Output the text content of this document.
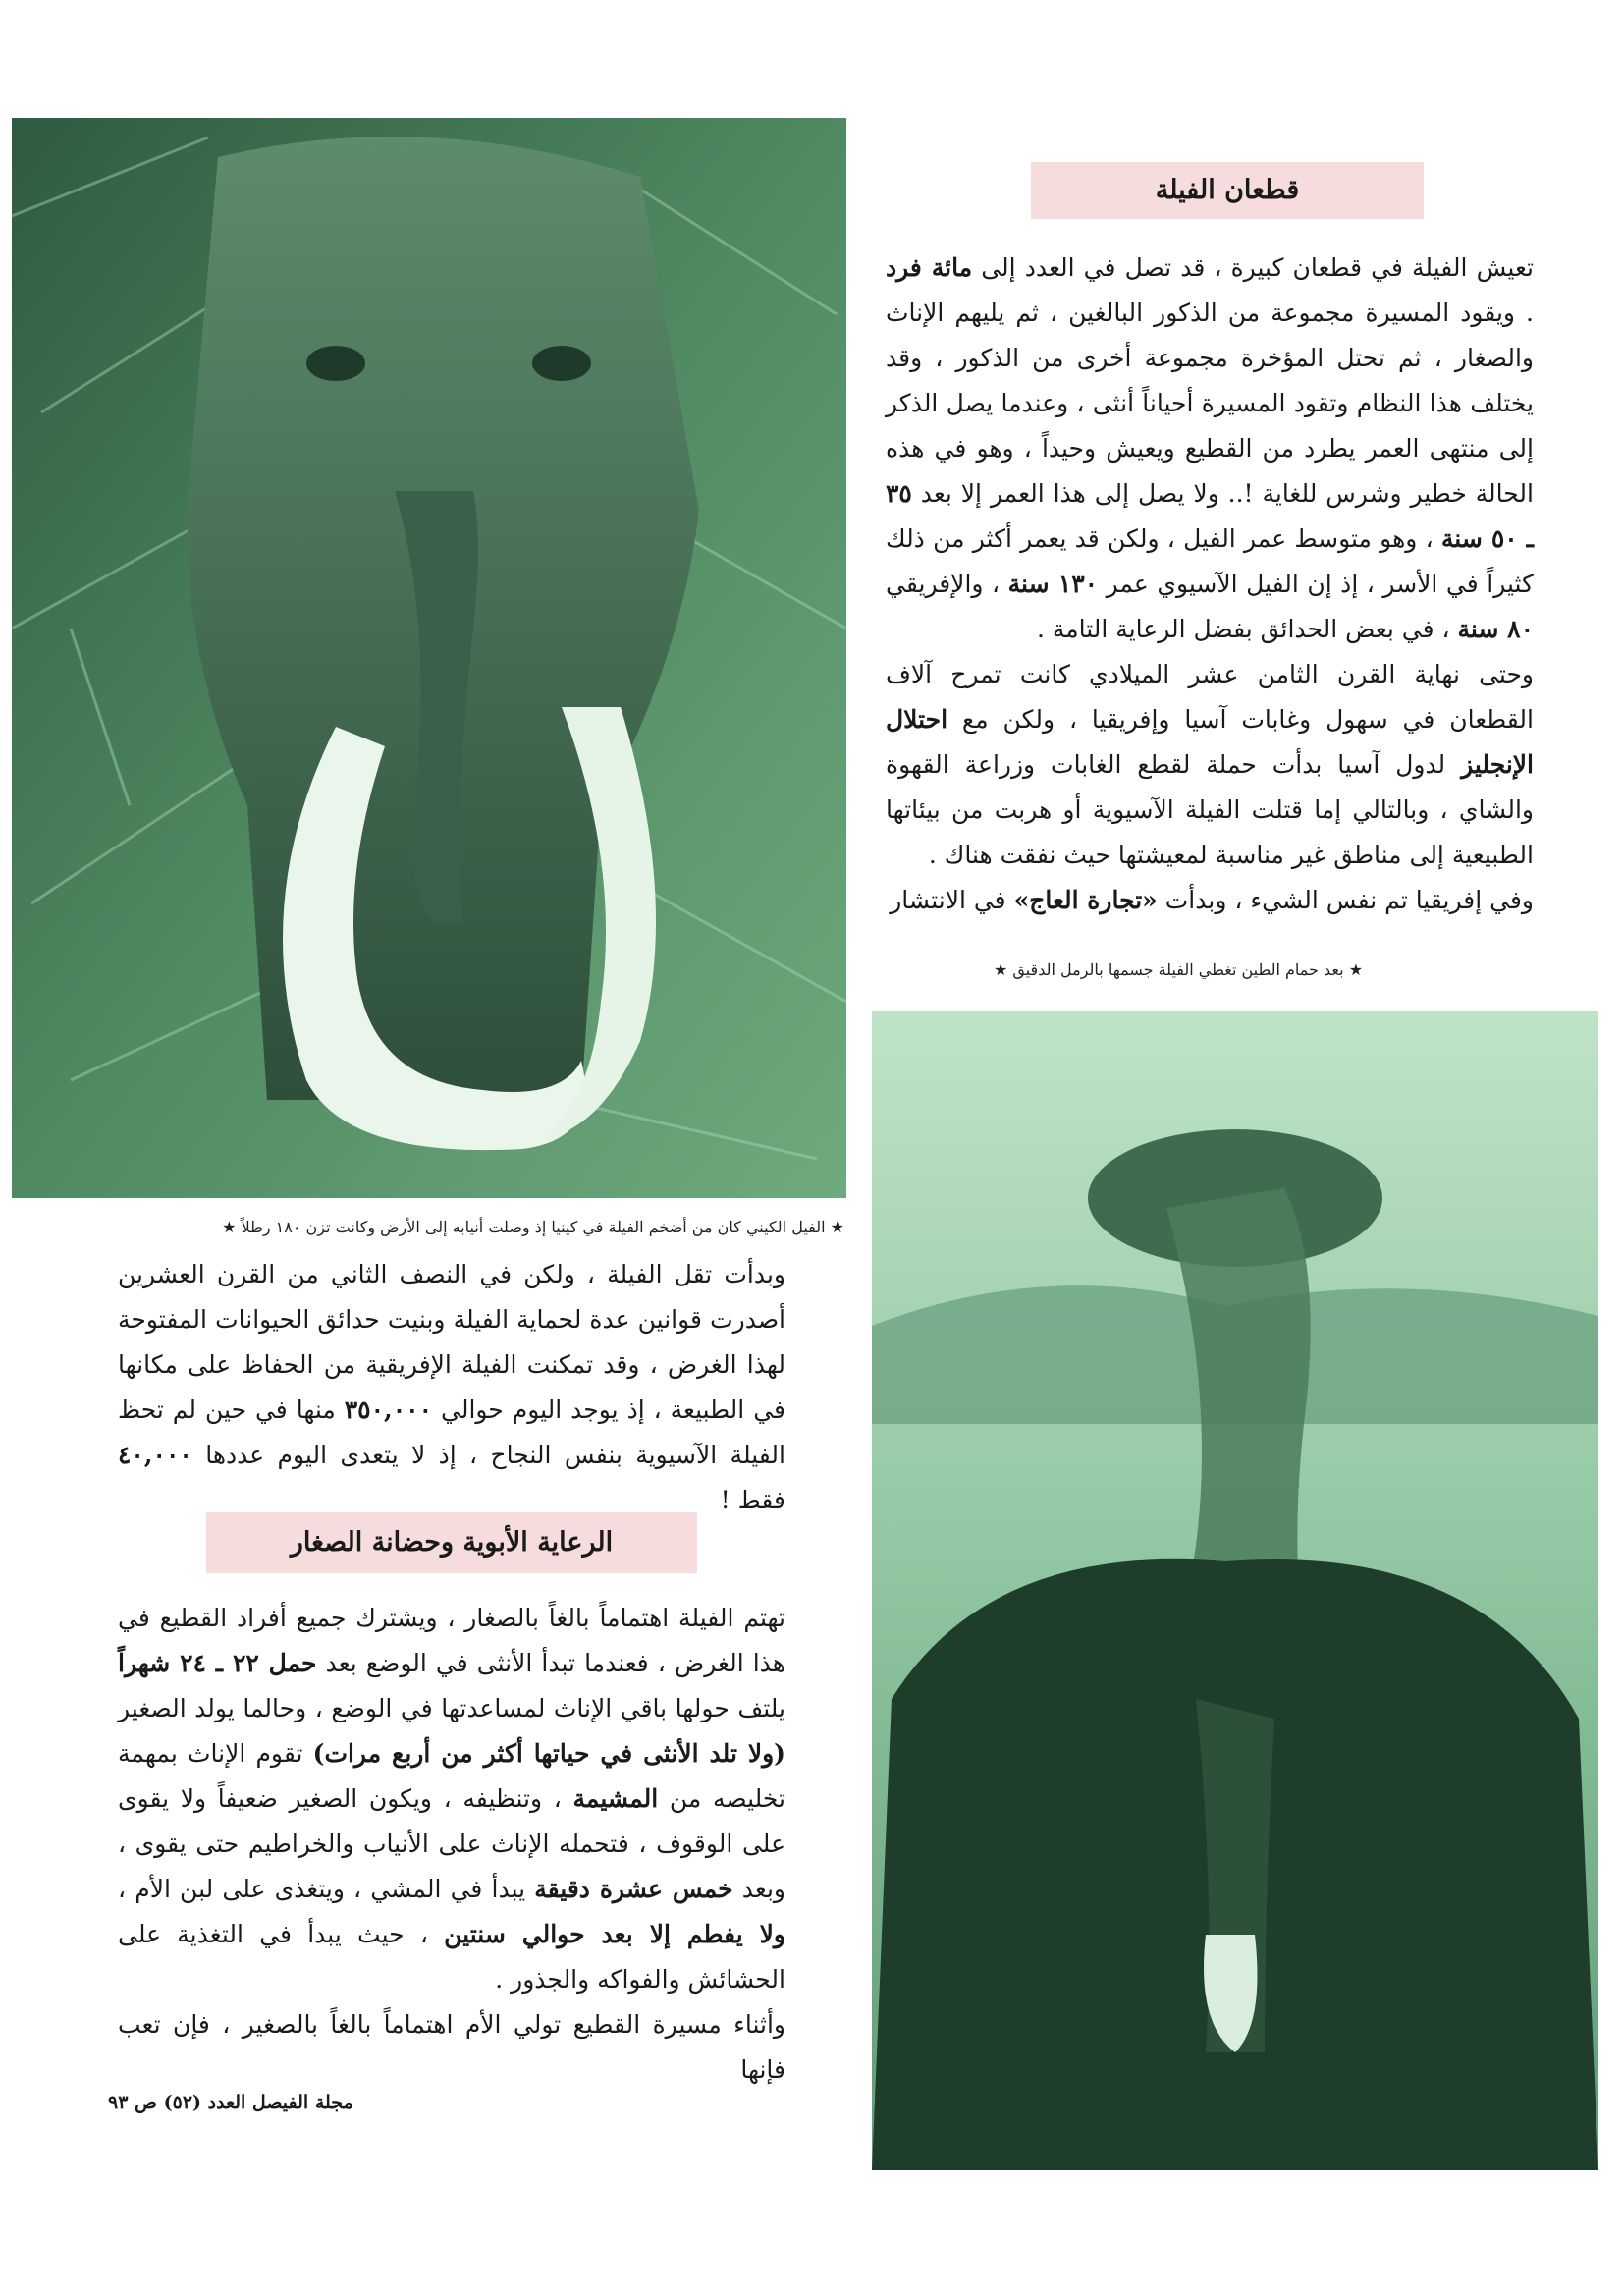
قطعان الفيلة

تعيش الفيلة في قطعان كبيرة ، قد تصل في العدد إلى مائة فرد . ويقود المسيرة مجموعة من الذكور البالغين ، ثم يليهم الإناث والصغار ، ثم تحتل المؤخرة مجموعة أخرى من الذكور ، وقد يختلف هذا النظام وتقود المسيرة أحياناً أنثى ، وعندما يصل الذكر إلى منتهى العمر يطرد من القطيع ويعيش وحيداً ، وهو في هذه الحالة خطير وشرس للغاية !.. ولا يصل إلى هذا العمر إلا بعد ٣٥ ـ ٥٠ سنة ، وهو متوسط عمر الفيل ، ولكن قد يعمر أكثر من ذلك كثيراً في الأسر ، إذ إن الفيل الآسيوي عمر ١٣٠ سنة ، والإفريقي ٨٠ سنة ، في بعض الحدائق بفضل الرعاية التامة .

وحتى نهاية القرن الثامن عشر الميلادي كانت تمرح آلاف القطعان في سهول وغابات آسيا وإفريقيا ، ولكن مع احتلال الإنجليز لدول آسيا بدأت حملة لقطع الغابات وزراعة القهوة والشاي ، وبالتالي إما قتلت الفيلة الآسيوية أو هربت من بيئاتها الطبيعية إلى مناطق غير مناسبة لمعيشتها حيث نفقت هناك .

وفي إفريقيا تم نفس الشيء ، وبدأت «تجارة العاج» في الانتشار

★ بعد حمام الطين تغطي الفيلة جسمها بالرمل الدقيق ★
★ الفيل الكيني كان من أضخم الفيلة في كينيا إذ وصلت أنيابه إلى الأرض وكانت تزن ١٨٠ رطلاً ★

وبدأت تقل الفيلة ، ولكن في النصف الثاني من القرن العشرين أصدرت قوانين عدة لحماية الفيلة وبنيت حدائق الحيوانات المفتوحة لهذا الغرض ، وقد تمكنت الفيلة الإفريقية من الحفاظ على مكانها في الطبيعة ، إذ يوجد اليوم حوالي ٣٥٠,٠٠٠ منها في حين لم تحظ الفيلة الآسيوية بنفس النجاح ، إذ لا يتعدى اليوم عددها ٤٠,٠٠٠ فقط !

الرعاية الأبوية وحضانة الصغار

تهتم الفيلة اهتماماً بالغاً بالصغار ، ويشترك جميع أفراد القطيع في هذا الغرض ، فعندما تبدأ الأنثى في الوضع بعد حمل ٢٢ ـ ٢٤ شهراً يلتف حولها باقي الإناث لمساعدتها في الوضع ، وحالما يولد الصغير (ولا تلد الأنثى في حياتها أكثر من أربع مرات) تقوم الإناث بمهمة تخليصه من المشيمة ، وتنظيفه ، ويكون الصغير ضعيفاً ولا يقوى على الوقوف ، فتحمله الإناث على الأنياب والخراطيم حتى يقوى ، وبعد خمس عشرة دقيقة يبدأ في المشي ، ويتغذى على لبن الأم ، ولا يفطم إلا بعد حوالي سنتين ، حيث يبدأ في التغذية على الحشائش والفواكه والجذور .

وأثناء مسيرة القطيع تولي الأم اهتماماً بالغاً بالصغير ، فإن تعب فإنها

مجلة الفيصل العدد (٥٢) ص ٩٣
